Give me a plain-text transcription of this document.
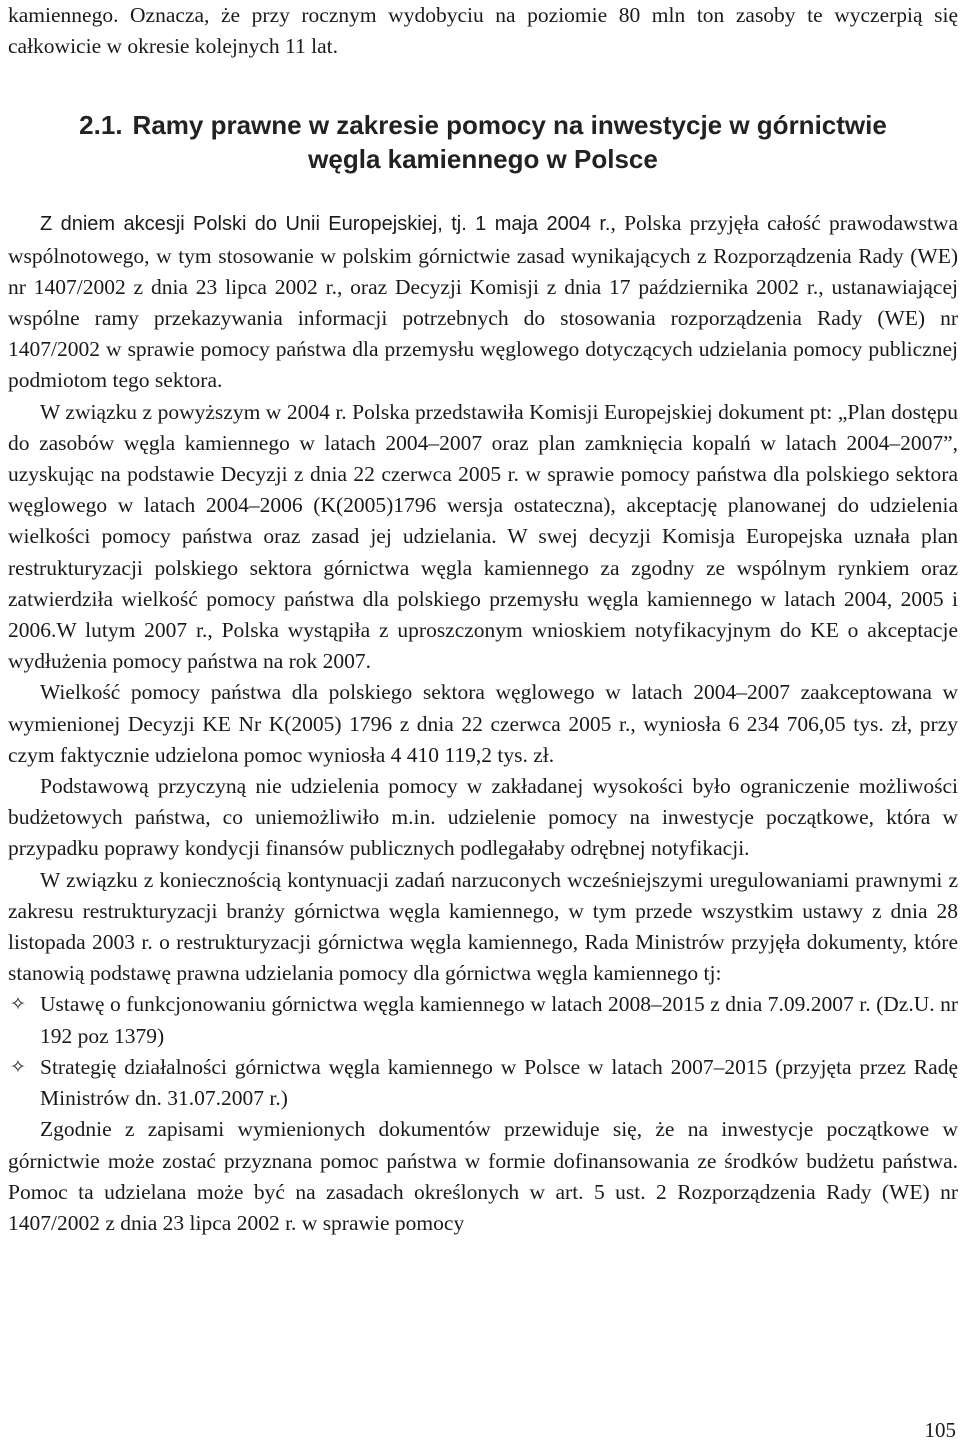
kamiennego. Oznacza, że przy rocznym wydobyciu na poziomie 80 mln ton zasoby te wyczerpią się całkowicie w okresie kolejnych 11 lat.

2.1. Ramy prawne w zakresie pomocy na inwestycje w górnictwie
węgla kamiennego w Polsce

Z dniem akcesji Polski do Unii Europejskiej, tj. 1 maja 2004 r., Polska przyjęła całość prawodawstwa wspólnotowego, w tym stosowanie w polskim górnictwie zasad wynikających z Rozporządzenia Rady (WE) nr 1407/2002 z dnia 23 lipca 2002 r., oraz Decyzji Komisji z dnia 17 października 2002 r., ustanawiającej wspólne ramy przekazywania informacji potrzebnych do stosowania rozporządzenia Rady (WE) nr 1407/2002 w sprawie pomocy państwa dla przemysłu węglowego dotyczących udzielania pomocy publicznej podmiotom tego sektora.

W związku z powyższym w 2004 r. Polska przedstawiła Komisji Europejskiej dokument pt: „Plan dostępu do zasobów węgla kamiennego w latach 2004–2007 oraz plan zamknięcia kopalń w latach 2004–2007”, uzyskując na podstawie Decyzji z dnia 22 czerwca 2005 r. w sprawie pomocy państwa dla polskiego sektora węglowego w latach 2004–2006 (K(2005)1796 wersja ostateczna), akceptację planowanej do udzielenia wielkości pomocy państwa oraz zasad jej udzielania. W swej decyzji Komisja Europejska uznała plan restrukturyzacji polskiego sektora górnictwa węgla kamiennego za zgodny ze wspólnym rynkiem oraz zatwierdziła wielkość pomocy państwa dla polskiego przemysłu węgla kamiennego w latach 2004, 2005 i 2006.W lutym 2007 r., Polska wystąpiła z uproszczonym wnioskiem notyfikacyjnym do KE o akceptacje wydłużenia pomocy państwa na rok 2007.

Wielkość pomocy państwa dla polskiego sektora węglowego w latach 2004–2007 zaakceptowana w wymienionej Decyzji KE Nr K(2005) 1796 z dnia 22 czerwca 2005 r., wyniosła 6 234 706,05 tys. zł, przy czym faktycznie udzielona pomoc wyniosła 4 410 119,2 tys. zł.

Podstawową przyczyną nie udzielenia pomocy w zakładanej wysokości było ograniczenie możliwości budżetowych państwa, co uniemożliwiło m.in. udzielenie pomocy na inwestycje początkowe, która w przypadku poprawy kondycji finansów publicznych podlegałaby odrębnej notyfikacji.

W związku z koniecznością kontynuacji zadań narzuconych wcześniejszymi uregulowaniami prawnymi z zakresu restrukturyzacji branży górnictwa węgla kamiennego, w tym przede wszystkim ustawy z dnia 28 listopada 2003 r. o restrukturyzacji górnictwa węgla kamiennego, Rada Ministrów przyjęła dokumenty, które stanowią podstawę prawna udzielania pomocy dla górnictwa węgla kamiennego tj:

✧ Ustawę o funkcjonowaniu górnictwa węgla kamiennego w latach 2008–2015 z dnia 7.09.2007 r. (Dz.U. nr 192 poz 1379)
✧ Strategię działalności górnictwa węgla kamiennego w Polsce w latach 2007–2015 (przyjęta przez Radę Ministrów dn. 31.07.2007 r.)

Zgodnie z zapisami wymienionych dokumentów przewiduje się, że na inwestycje początkowe w górnictwie może zostać przyznana pomoc państwa w formie dofinansowania ze środków budżetu państwa. Pomoc ta udzielana może być na zasadach określonych w art. 5 ust. 2 Rozporządzenia Rady (WE) nr 1407/2002 z dnia 23 lipca 2002 r. w sprawie pomocy

105
